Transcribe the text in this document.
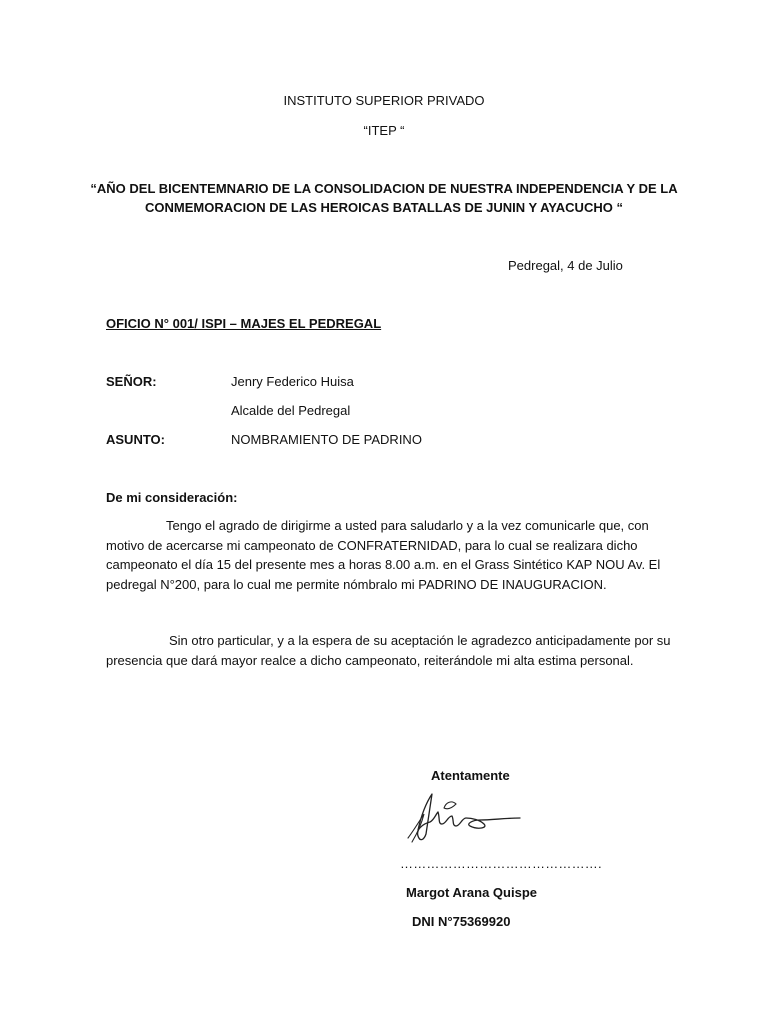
INSTITUTO SUPERIOR PRIVADO
“ITEP “
“AÑO DEL BICENTEMNARIO DE LA CONSOLIDACION DE NUESTRA INDEPENDENCIA Y DE LA
CONMEMORACION DE LAS HEROICAS BATALLAS DE JUNIN Y AYACUCHO “
Pedregal, 4 de Julio
OFICIO N° 001/ ISPI – MAJES EL PEDREGAL
SEÑOR:	Jenry Federico Huisa
Alcalde del Pedregal
ASUNTO:	NOMBRAMIENTO DE PADRINO
De mi consideración:
Tengo el agrado de dirigirme a usted para saludarlo y a la vez comunicarle que, con
motivo de acercarse mi campeonato de CONFRATERNIDAD, para lo cual se realizara dicho
campeonato el día 15 del presente mes a horas 8.00 a.m. en el Grass Sintético KAP NOU Av. El
pedregal N°200, para lo cual me permite nómbralo mi PADRINO DE INAUGURACION.
Sin otro particular, y a la espera de su aceptación le agradezco anticipadamente por su
presencia que dará mayor realce a dicho campeonato, reiterándole mi alta estima personal.
Atentamente
……………………………………….
Margot Arana Quispe
DNI N°75369920
